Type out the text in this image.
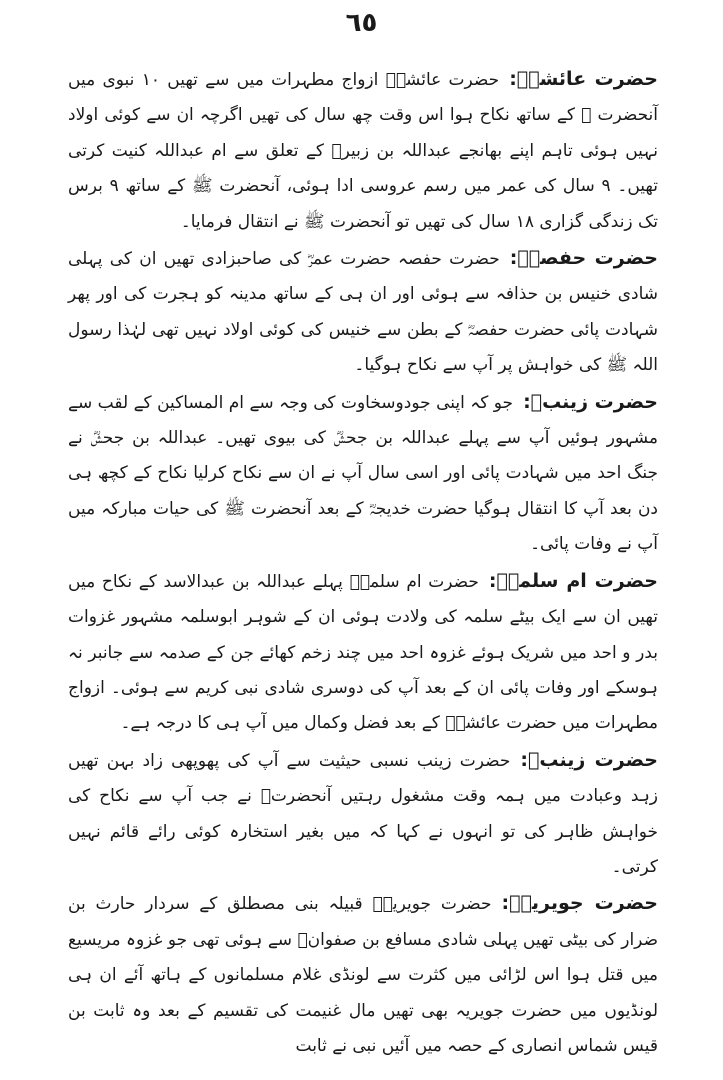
٦٥

حضرت عائشہؓ:حضرت عائشہؓ ازواج مطہرات میں سے تھیں ١٠ نبوی میں آنحضرت ﷺ کے ساتھ نکاح ہوا اس وقت چھ سال کی تھیں اگرچہ ان سے کوئی اولاد نہیں ہوئی تاہم اپنے بھانجے عبداللہ بن زبیرؓ کے تعلق سے ام عبداللہ کنیت کرتی تھیں۔ ٩ سال کی عمر میں رسم عروسی ادا ہوئی، آنحضرت ﷺ کے ساتھ ٩ برس تک زندگی گزاری ١٨ سال کی تھیں تو آنحضرت ﷺ نے انتقال فرمایا۔

حضرت حفصہؓ:حضرت حفصہ حضرت عمرؓ کی صاحبزادی تھیں ان کی پہلی شادی خنیس بن حذافہ سے ہوئی اور ان ہی کے ساتھ مدینہ کو ہجرت کی اور پھر شہادت پائی حضرت حفصہؓ کے بطن سے خنیس کی کوئی اولاد نہیں تھی لہٰذا رسول اللہ ﷺ کی خواہش پر آپ سے نکاح ہوگیا۔

حضرت زینبؓ:جو کہ اپنی جودوسخاوت کی وجہ سے ام المساکین کے لقب سے مشہور ہوئیں آپ سے پہلے عبداللہ بن جحشؓ کی بیوی تھیں۔ عبداللہ بن جحشؓ نے جنگ احد میں شہادت پائی اور اسی سال آپ نے ان سے نکاح کرلیا نکاح کے کچھ ہی دن بعد آپ کا انتقال ہوگیا حضرت خدیجہؓ کے بعد آنحضرت ﷺ کی حیات مبارکہ میں آپ نے وفات پائی۔

حضرت ام سلمہؓ:حضرت ام سلمہؓ پہلے عبداللہ بن عبدالاسد کے نکاح میں تھیں ان سے ایک بیٹے سلمہ کی ولادت ہوئی ان کے شوہر ابوسلمہ مشہور غزوات بدر و احد میں شریک ہوئے غزوہ احد میں چند زخم کھائے جن کے صدمہ سے جانبر نہ ہوسکے اور وفات پائی ان کے بعد آپ کی دوسری شادی نبی کریم سے ہوئی۔ ازواج مطہرات میں حضرت عائشہؓ کے بعد فضل وکمال میں آپ ہی کا درجہ ہے۔

حضرت زینبؓ:حضرت زینب نسبی حیثیت سے آپ کی پھوپھی زاد بہن تھیں زہد وعبادت میں ہمہ وقت مشغول رہتیں آنحضرتؐ نے جب آپ سے نکاح کی خواہش ظاہر کی تو انہوں نے کہا کہ میں بغیر استخارہ کوئی رائے قائم نہیں کرتی۔

حضرت جویریہؓ:حضرت جویریہؓ قبیلہ بنی مصطلق کے سردار حارث بن ضرار کی بیٹی تھیں پہلی شادی مسافع بن صفوانؓ سے ہوئی تھی جو غزوہ مریسیع میں قتل ہوا اس لڑائی میں کثرت سے لونڈی غلام مسلمانوں کے ہاتھ آئے ان ہی لونڈیوں میں حضرت جویریہ بھی تھیں مال غنیمت کی تقسیم کے بعد وہ ثابت بن قیس شماس انصاری کے حصہ میں آئیں نبی نے ثابت
